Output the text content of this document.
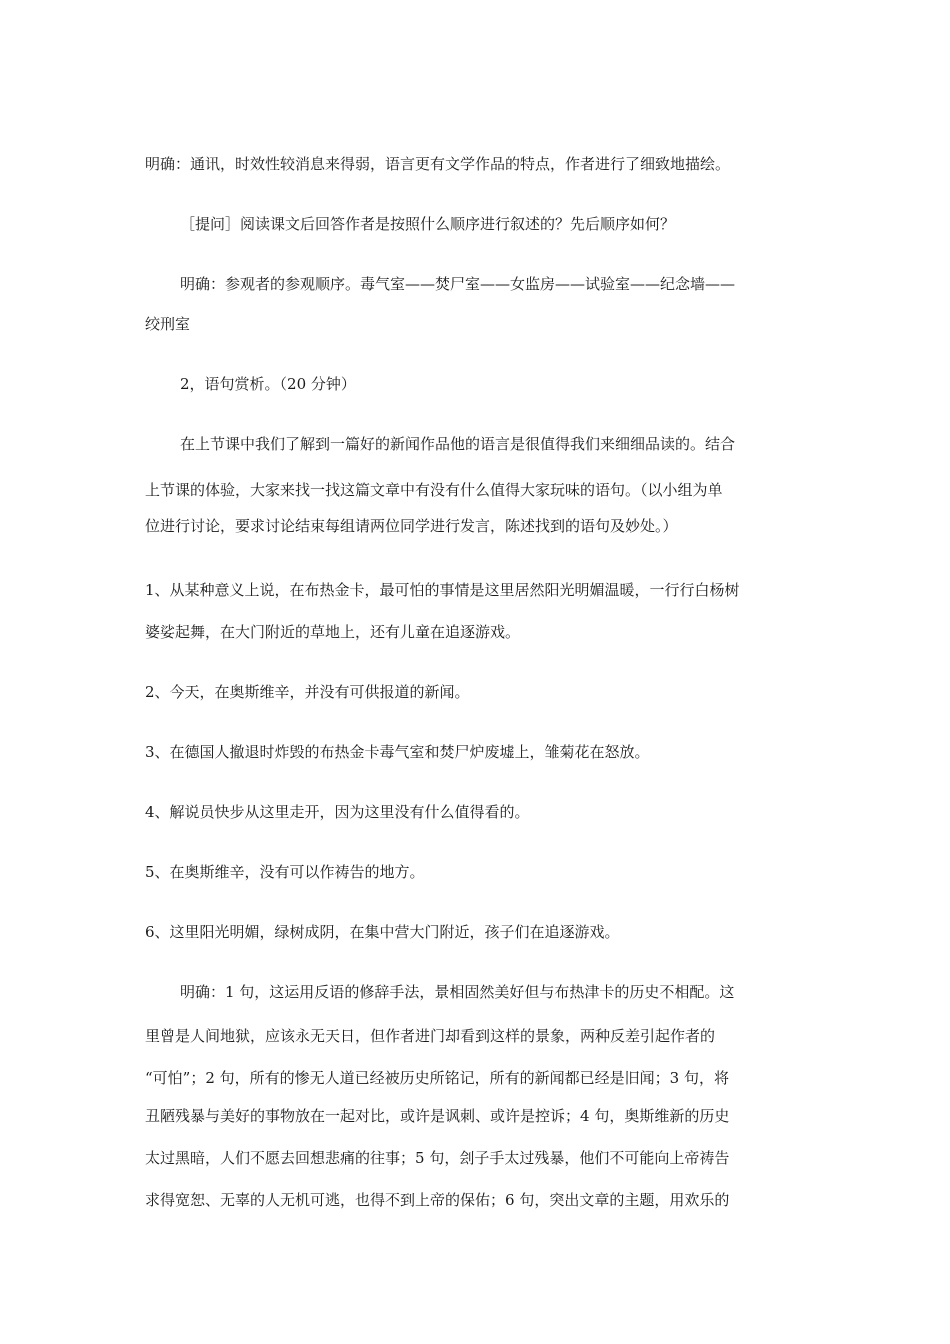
明确：通讯，时效性较消息来得弱，语言更有文学作品的特点，作者进行了细致地描绘。
［提问］阅读课文后回答作者是按照什么顺序进行叙述的？先后顺序如何？
明确：参观者的参观顺序。毒气室——焚尸室——女监房——试验室——纪念墙——
绞刑室
2，语句赏析。（20 分钟）
在上节课中我们了解到一篇好的新闻作品他的语言是很值得我们来细细品读的。结合
上节课的体验，大家来找一找这篇文章中有没有什么值得大家玩味的语句。（以小组为单
位进行讨论，要求讨论结束每组请两位同学进行发言，陈述找到的语句及妙处。）
1、从某种意义上说，在布热金卡，最可怕的事情是这里居然阳光明媚温暖，一行行白杨树
婆娑起舞，在大门附近的草地上，还有儿童在追逐游戏。
2、今天，在奥斯维辛，并没有可供报道的新闻。
3、在德国人撤退时炸毁的布热金卡毒气室和焚尸炉废墟上，雏菊花在怒放。
4、解说员快步从这里走开，因为这里没有什么值得看的。
5、在奥斯维辛，没有可以作祷告的地方。
6、这里阳光明媚，绿树成阴，在集中营大门附近，孩子们在追逐游戏。
明确：1 句，这运用反语的修辞手法，景相固然美好但与布热津卡的历史不相配。这
里曾是人间地狱，应该永无天日，但作者进门却看到这样的景象，两种反差引起作者的
“可怕”；2 句，所有的惨无人道已经被历史所铭记，所有的新闻都已经是旧闻；3 句，将
丑陋残暴与美好的事物放在一起对比，或许是讽刺、或许是控诉；4 句，奥斯维新的历史
太过黑暗，人们不愿去回想悲痛的往事；5 句，刽子手太过残暴，他们不可能向上帝祷告
求得宽恕、无辜的人无机可逃，也得不到上帝的保佑；6 句，突出文章的主题，用欢乐的
